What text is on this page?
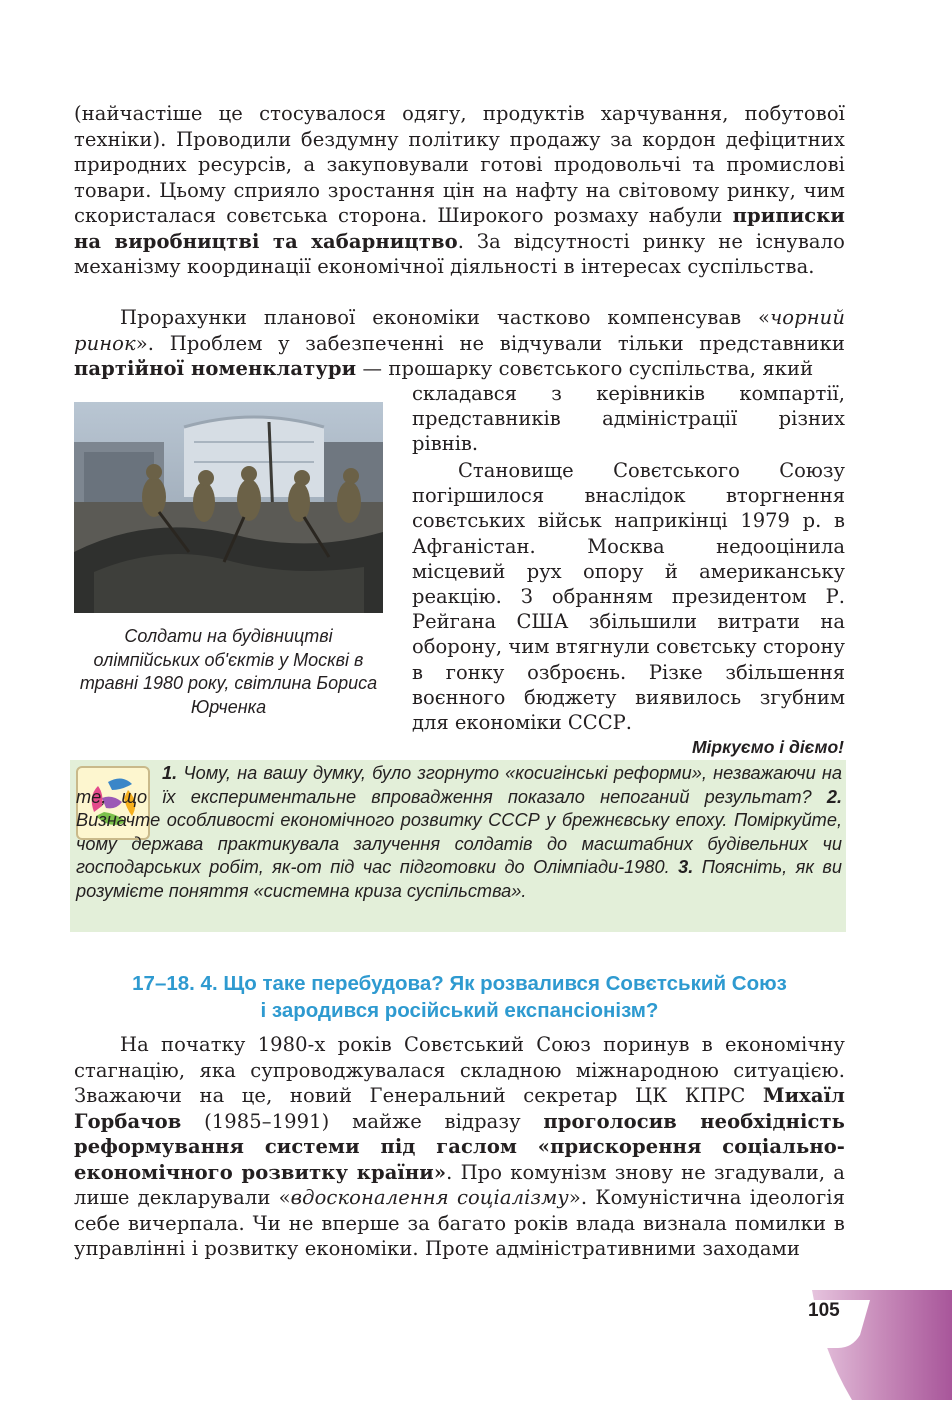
(найчастіше це стосувалося одягу, продуктів харчування, побутової техніки). Проводили бездумну політику продажу за кордон дефіцитних природних ресурсів, а закуповували готові продовольчі та промислові товари. Цьому сприяло зростання цін на нафту на світовому ринку, чим скористалася совєтська сторона. Широкого розмаху набули приписки на виробництві та хабарництво. За відсутності ринку не існувало механізму координації економічної діяльності в інтересах суспільства.

Прорахунки планової економіки частково компенсував «чорний ринок». Проблем у забезпеченні не відчували тільки представники партійної номенклатури — прошарку совєтського суспільства, який

складався з керівників компартії, представників адміністрації різних рівнів.

Становище Совєтського Союзу погіршилося внаслідок вторгнення совєтських військ наприкінці 1979 р. в Афганістан. Москва недооцінила місцевий рух опору й американську реакцію. З обранням президентом Р. Рейгана США збільшили витрати на оборону, чим втягнули совєтську сторону в гонку озброєнь. Різке збільшення воєнного бюджету виявилось згубним для економіки СССР.

Солдати на будівництві олімпійських об'єктів у Москві в травні 1980 року, світлина Бориса Юрченка
Міркуємо і діємо!

1. Чому, на вашу думку, було згорнуто «косигінські реформи», незважаючи на те, що їх експериментальне впровадження показало непоганий результат? 2. Визначте особливості економічного розвитку СССР у брежнєвську епоху. Поміркуйте, чому держава практикувала залучення солдатів до масштабних будівельних чи господарських робіт, як-от під час підготовки до Олімпіади-1980. 3. Поясніть, як ви розумієте поняття «системна криза суспільства».

17–18. 4. Що таке перебудова? Як розвалився Совєтський Союз
і зародився російський експансіонізм?

На початку 1980-х років Совєтський Союз поринув в економічну стагнацію, яка супроводжувалася складною міжнародною ситуацією. Зважаючи на це, новий Генеральний секретар ЦК КПРС Михаїл Горбачов (1985–1991) майже відразу проголосив необхідність реформування системи під гаслом «прискорення соціально-економічного розвитку країни». Про комунізм знову не згадували, а лише декларували «вдосконалення соціалізму». Комуністична ідеологія себе вичерпала. Чи не вперше за багато років влада визнала помилки в управлінні і розвитку економіки. Проте адміністративними заходами

105
